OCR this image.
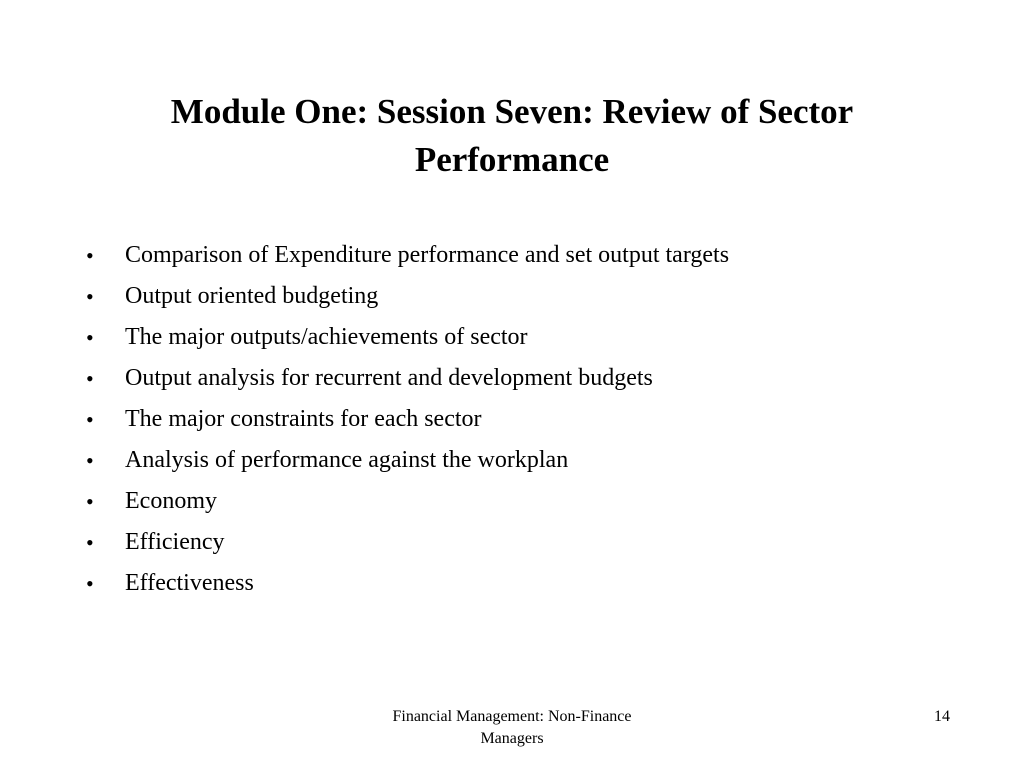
Module One: Session Seven: Review of Sector
Performance
•	Comparison of Expenditure performance and set output targets
•	Output oriented budgeting
•	The major outputs/achievements of sector
•	Output analysis for recurrent and development budgets
•	The major constraints for each sector
•	Analysis of performance against the workplan
•	Economy
•	Efficiency
•	Effectiveness
Financial Management: Non-Finance
Managers
14
